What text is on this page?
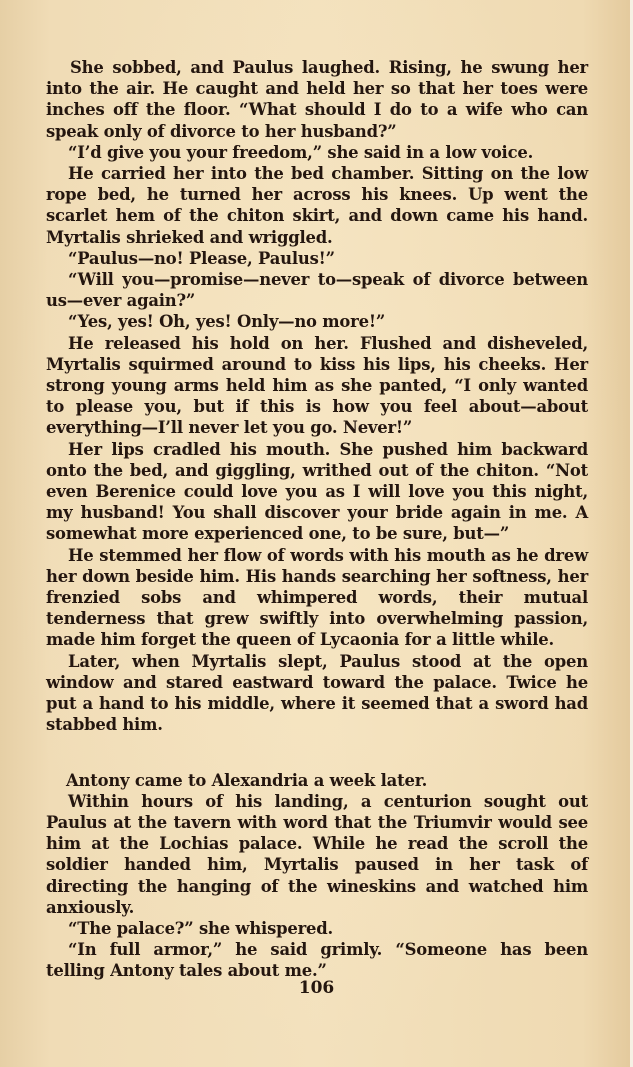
She sobbed, and Paulus laughed. Rising, he swung her into the air. He caught and held her so that her toes were inches off the floor. “What should I do to a wife who can speak only of divorce to her husband?”

“I’d give you your freedom,” she said in a low voice.

He carried her into the bed chamber. Sitting on the low rope bed, he turned her across his knees. Up went the scarlet hem of the chiton skirt, and down came his hand. Myrtalis shrieked and wriggled.

“Paulus—no! Please, Paulus!”

“Will you—promise—never to—speak of divorce between us—ever again?”

“Yes, yes! Oh, yes! Only—no more!”

He released his hold on her. Flushed and disheveled, Myrtalis squirmed around to kiss his lips, his cheeks. Her strong young arms held him as she panted, “I only wanted to please you, but if this is how you feel about—about everything—I’ll never let you go. Never!”

Her lips cradled his mouth. She pushed him backward onto the bed, and giggling, writhed out of the chiton. “Not even Berenice could love you as I will love you this night, my husband! You shall discover your bride again in me. A somewhat more experienced one, to be sure, but—”

He stemmed her flow of words with his mouth as he drew her down beside him. His hands searching her softness, her frenzied sobs and whimpered words, their mutual tenderness that grew swiftly into overwhelming passion, made him forget the queen of Lycaonia for a little while.

Later, when Myrtalis slept, Paulus stood at the open window and stared eastward toward the palace. Twice he put a hand to his middle, where it seemed that a sword had stabbed him.

Antony came to Alexandria a week later.

Within hours of his landing, a centurion sought out Paulus at the tavern with word that the Triumvir would see him at the Lochias palace. While he read the scroll the soldier handed him, Myrtalis paused in her task of directing the hanging of the wineskins and watched him anxiously.

“The palace?” she whispered.

“In full armor,” he said grimly. “Someone has been telling Antony tales about me.”

106
